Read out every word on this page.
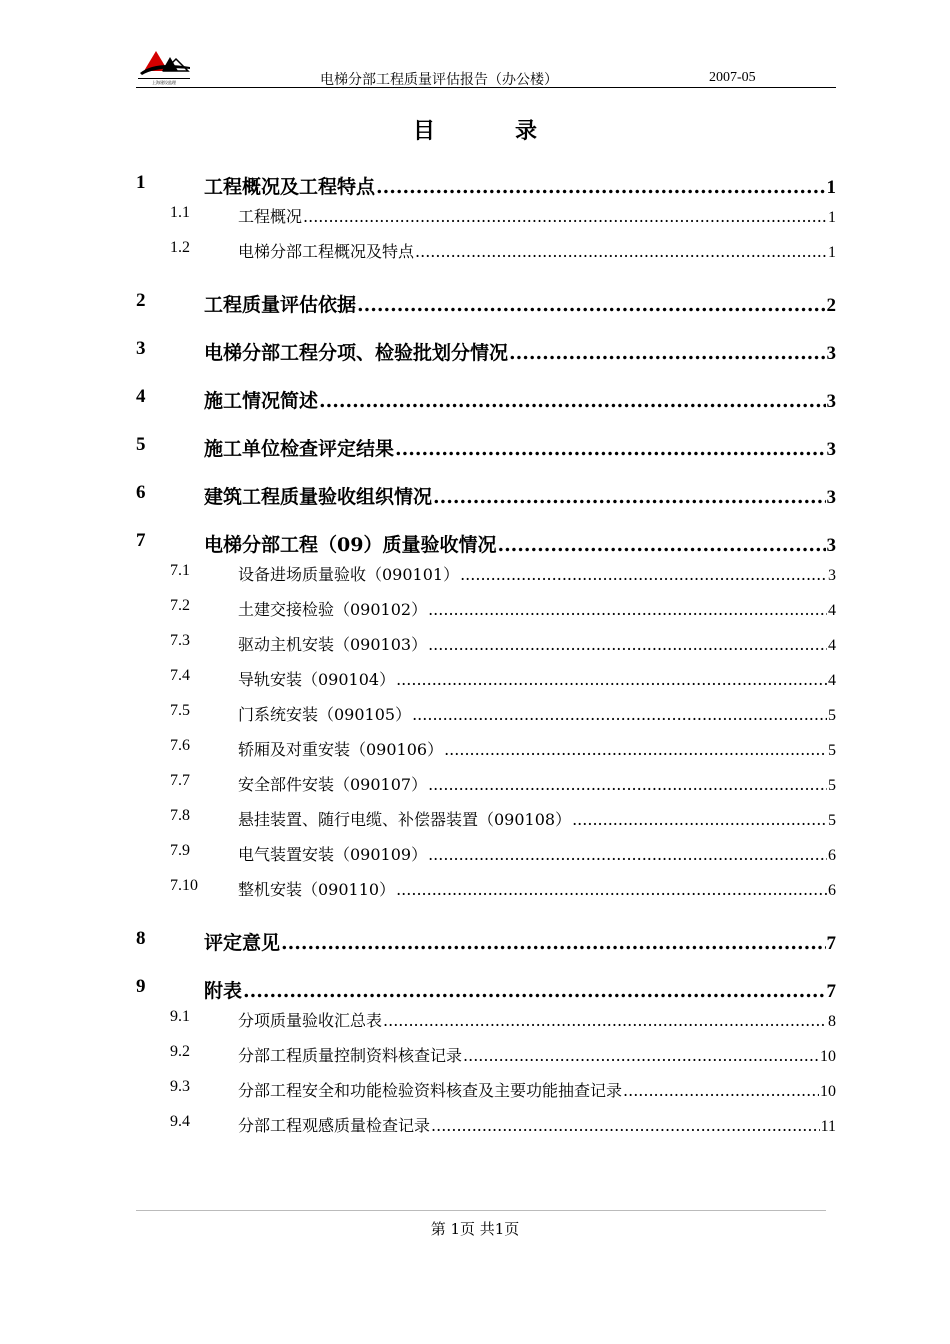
上海建设监理	电梯分部工程质量评估报告（办公楼）	2007-05
目	录
1	工程概况及工程特点 .....	1
1.1	工程概况 .....	1
1.2	电梯分部工程概况及特点 .....	1
2	工程质量评估依据 .....	2
3	电梯分部工程分项、检验批划分情况 .....	3
4	施工情况简述 .....	3
5	施工单位检查评定结果 .....	3
6	建筑工程质量验收组织情况 .....	3
7	电梯分部工程（09）质量验收情况 .....	3
7.1	设备进场质量验收（090101） .....	3
7.2	土建交接检验（090102） .....	4
7.3	驱动主机安装（090103） .....	4
7.4	导轨安装（090104） .....	4
7.5	门系统安装（090105） .....	5
7.6	轿厢及对重安装（090106） .....	5
7.7	安全部件安装（090107） .....	5
7.8	悬挂装置、随行电缆、补偿器装置（090108） .....	5
7.9	电气装置安装（090109） .....	6
7.10	整机安装（090110） .....	6
8	评定意见 .....	7
9	附表 .....	7
9.1	分项质量验收汇总表 .....	8
9.2	分部工程质量控制资料核查记录 .....	10
9.3	分部工程安全和功能检验资料核查及主要功能抽查记录 .....	10
9.4	分部工程观感质量检查记录 .....	11
第 1页 共1页
